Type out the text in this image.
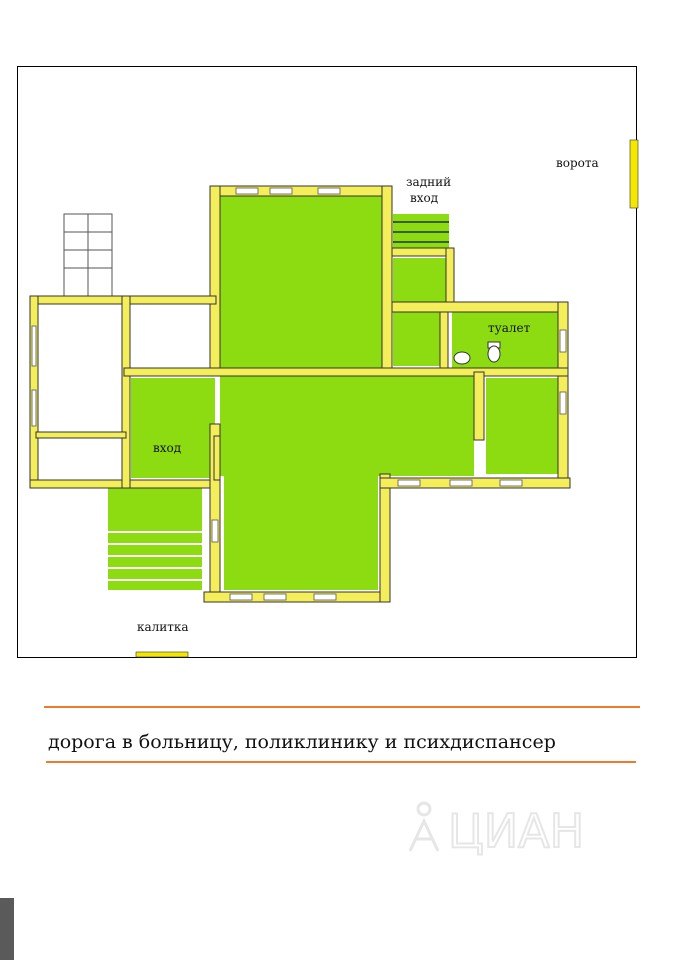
задний
вход
ворота
туалет
вход
калитка
дорога в больницу, поликлинику и психдиспансер
ЦИАН
